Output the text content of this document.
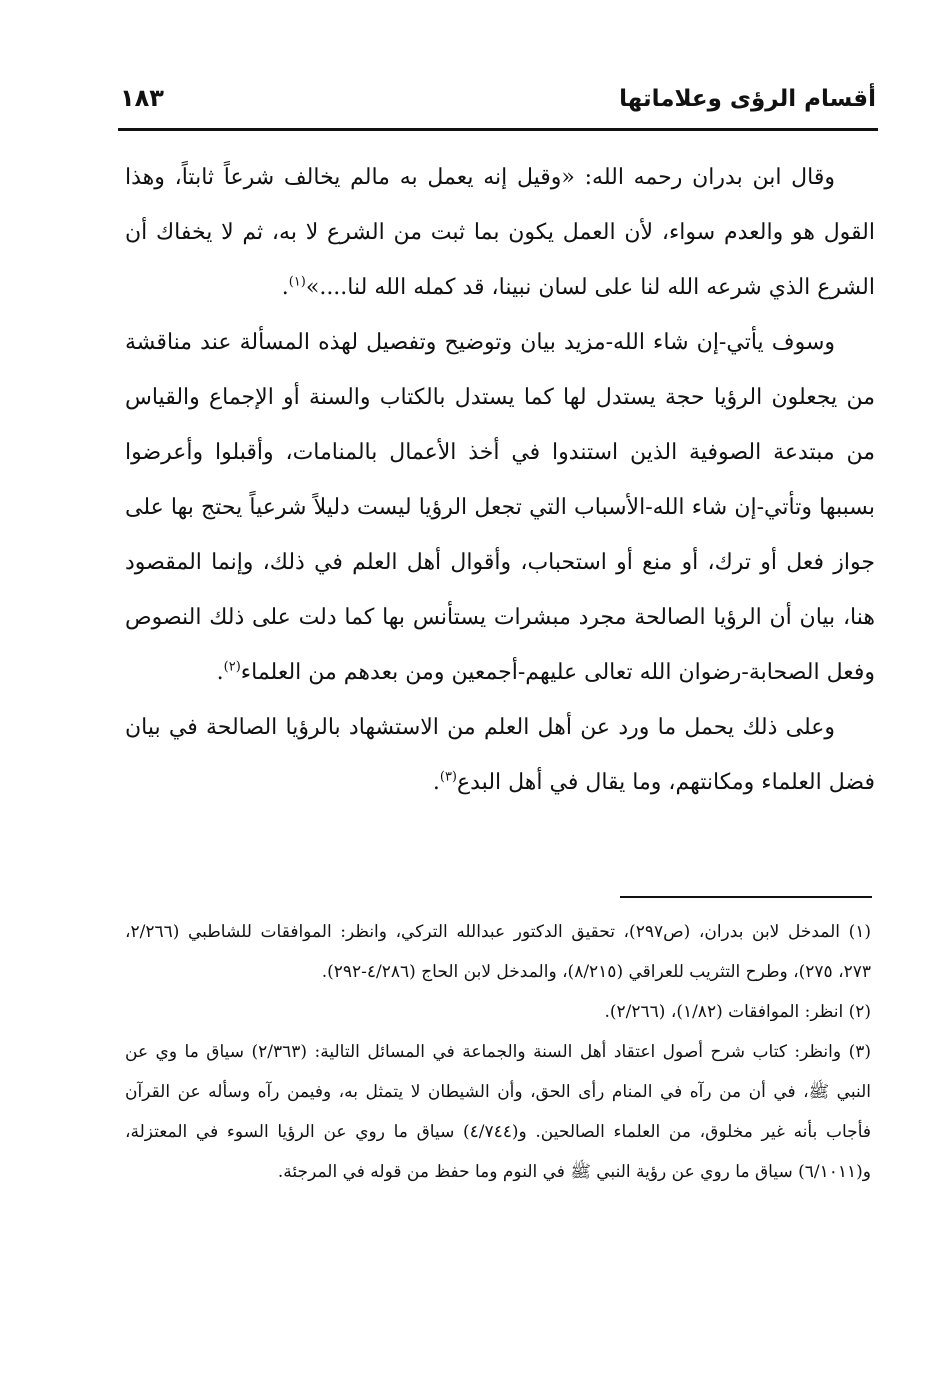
أقسام الرؤى وعلاماتها
١٨٣

وقال ابن بدران رحمه الله: «وقيل إنه يعمل به مالم يخالف شرعاً ثابتاً، وهذا القول هو والعدم سواء، لأن العمل يكون بما ثبت من الشرع لا به، ثم لا يخفاك أن الشرع الذي شرعه الله لنا على لسان نبينا، قد كمله الله لنا....»$^{(١)}$.

وسوف يأتي-إن شاء الله-مزيد بيان وتوضيح وتفصيل لهذه المسألة عند مناقشة من يجعلون الرؤيا حجة يستدل لها كما يستدل بالكتاب والسنة أو الإجماع والقياس من مبتدعة الصوفية الذين استندوا في أخذ الأعمال بالمنامات، وأقبلوا وأعرضوا بسببها وتأتي-إن شاء الله-الأسباب التي تجعل الرؤيا ليست دليلاً شرعياً يحتج بها على جواز فعل أو ترك، أو منع أو استحباب، وأقوال أهل العلم في ذلك، وإنما المقصود هنا، بيان أن الرؤيا الصالحة مجرد مبشرات يستأنس بها كما دلت على ذلك النصوص وفعل الصحابة-رضوان الله تعالى عليهم-أجمعين ومن بعدهم من العلماء$^{(٢)}$.

وعلى ذلك يحمل ما ورد عن أهل العلم من الاستشهاد بالرؤيا الصالحة في بيان فضل العلماء ومكانتهم، وما يقال في أهل البدع$^{(٣)}$.

(١) المدخل لابن بدران، (ص٢٩٧)، تحقيق الدكتور عبدالله التركي، وانظر: الموافقات للشاطبي (٢/٢٦٦، ٢٧٣، ٢٧٥)، وطرح التثريب للعراقي (٨/٢١٥)، والمدخل لابن الحاج (٤/٢٨٦-٢٩٢).

(٢) انظر: الموافقات (١/٨٢)، (٢/٢٦٦).

(٣) وانظر: كتاب شرح أصول اعتقاد أهل السنة والجماعة في المسائل التالية: (٢/٣٦٣) سياق ما وي عن النبي ﷺ، في أن من رآه في المنام رأى الحق، وأن الشيطان لا يتمثل به، وفيمن رآه وسأله عن القرآن فأجاب بأنه غير مخلوق، من العلماء الصالحين. و(٤/٧٤٤) سياق ما روي عن الرؤيا السوء في المعتزلة، و(٦/١٠١١) سياق ما روي عن رؤية النبي ﷺ في النوم وما حفظ من قوله في المرجئة.
